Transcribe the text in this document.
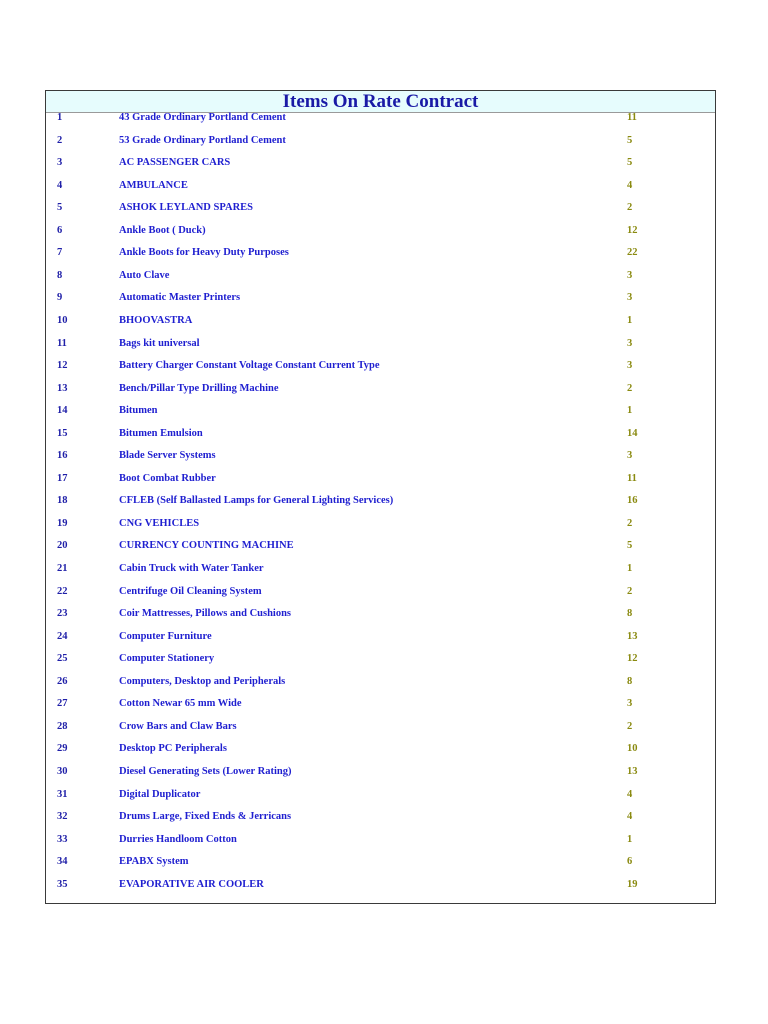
Items On Rate Contract
1	43 Grade Ordinary Portland Cement	11
2	53 Grade Ordinary Portland Cement	5
3	AC PASSENGER CARS	5
4	AMBULANCE	4
5	ASHOK LEYLAND SPARES	2
6	Ankle Boot ( Duck)	12
7	Ankle Boots for Heavy Duty Purposes	22
8	Auto Clave	3
9	Automatic Master Printers	3
10	BHOOVASTRA	1
11	Bags kit universal	3
12	Battery Charger Constant Voltage Constant Current Type	3
13	Bench/Pillar Type Drilling Machine	2
14	Bitumen	1
15	Bitumen Emulsion	14
16	Blade Server Systems	3
17	Boot Combat Rubber	11
18	CFLEB (Self Ballasted Lamps for General Lighting Services)	16
19	CNG VEHICLES	2
20	CURRENCY COUNTING MACHINE	5
21	Cabin Truck with Water Tanker	1
22	Centrifuge Oil Cleaning System	2
23	Coir Mattresses, Pillows and Cushions	8
24	Computer Furniture	13
25	Computer Stationery	12
26	Computers, Desktop and Peripherals	8
27	Cotton Newar 65 mm Wide	3
28	Crow Bars and Claw Bars	2
29	Desktop PC Peripherals	10
30	Diesel Generating Sets (Lower Rating)	13
31	Digital Duplicator	4
32	Drums Large, Fixed Ends & Jerricans	4
33	Durries Handloom Cotton	1
34	EPABX System	6
35	EVAPORATIVE AIR COOLER	19
